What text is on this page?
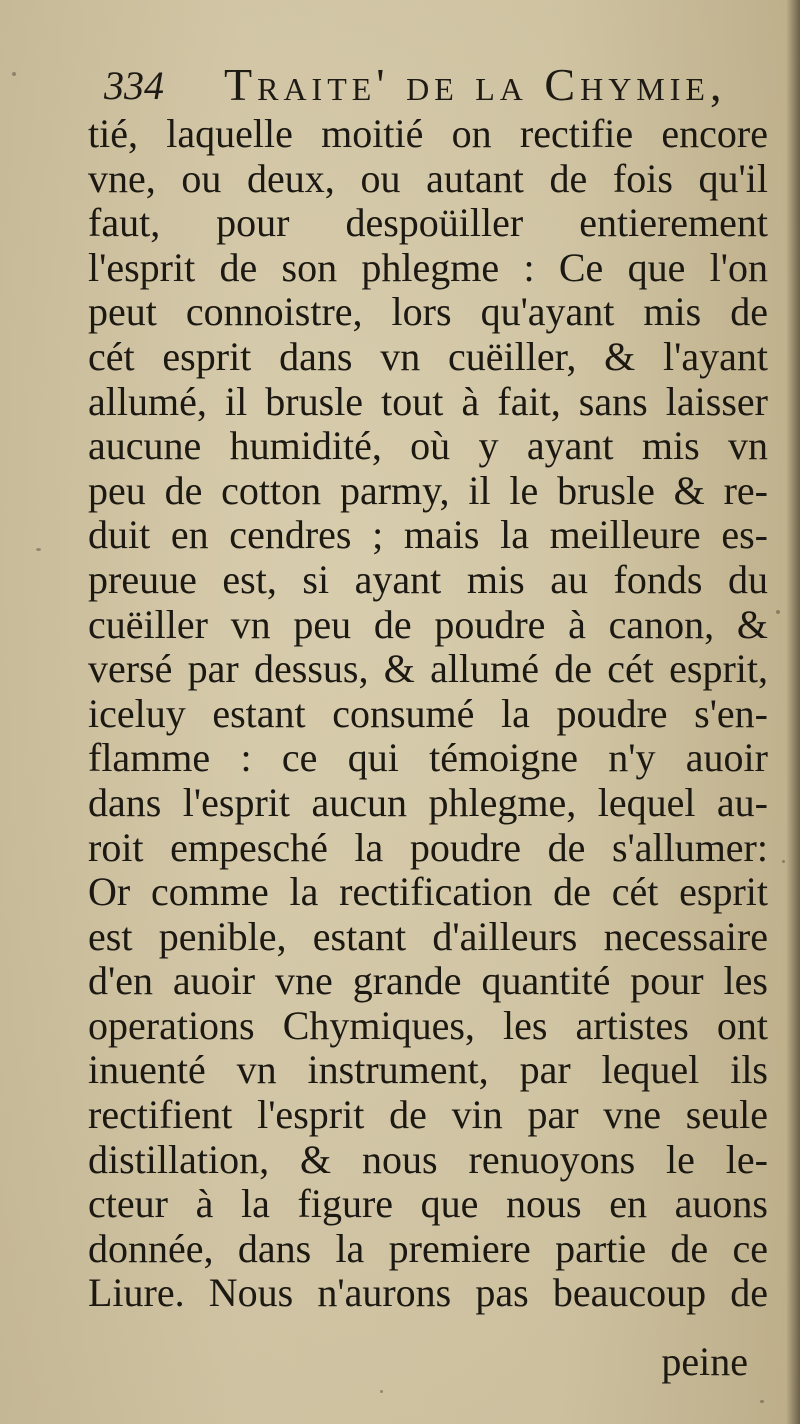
334 Traite' de la Chymie,
tié, laquelle moitié on rectifie encore
vne, ou deux, ou autant de fois qu'il
faut, pour despoüiller entierement
l'esprit de son phlegme : Ce que l'on
peut connoistre, lors qu'ayant mis de
cét esprit dans vn cuëiller, & l'ayant
allumé, il brusle tout à fait, sans laisser
aucune humidité, où y ayant mis vn
peu de cotton parmy, il le brusle & re-
duit en cendres ; mais la meilleure es-
preuue est, si ayant mis au fonds du
cuëiller vn peu de poudre à canon, &
versé par dessus, & allumé de cét esprit,
iceluy estant consumé la poudre s'en-
flamme : ce qui témoigne n'y auoir
dans l'esprit aucun phlegme, lequel au-
roit empesché la poudre de s'allumer:
Or comme la rectification de cét esprit
est penible, estant d'ailleurs necessaire
d'en auoir vne grande quantité pour les
operations Chymiques, les artistes ont
inuenté vn instrument, par lequel ils
rectifient l'esprit de vin par vne seule
distillation, & nous renuoyons le le-
cteur à la figure que nous en auons
donnée, dans la premiere partie de ce
Liure. Nous n'aurons pas beaucoup de
peine
